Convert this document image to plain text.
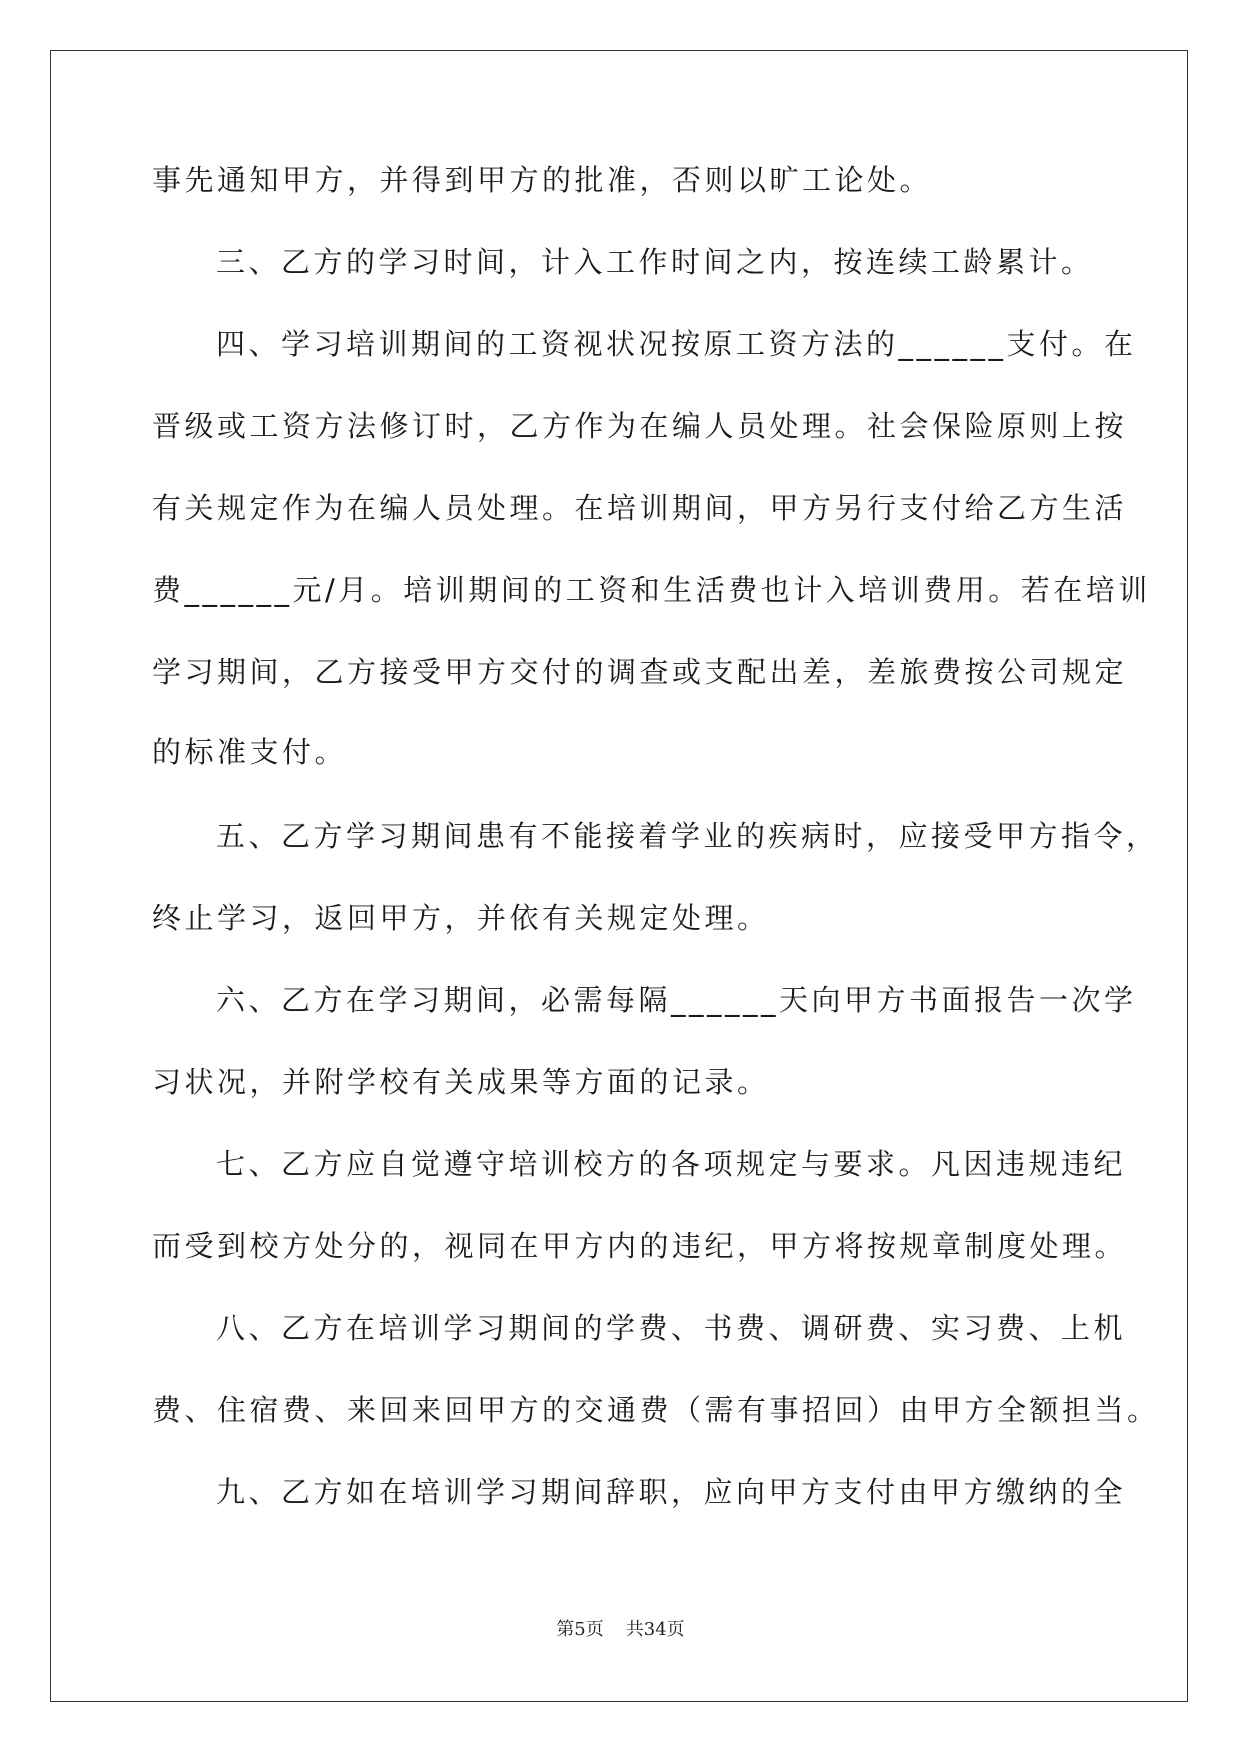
事先通知甲方，并得到甲方的批准，否则以旷工论处。
三、乙方的学习时间，计入工作时间之内，按连续工龄累计。
四、学习培训期间的工资视状况按原工资方法的______支付。在
晋级或工资方法修订时，乙方作为在编人员处理。社会保险原则上按
有关规定作为在编人员处理。在培训期间，甲方另行支付给乙方生活
费______元/月。培训期间的工资和生活费也计入培训费用。若在培训
学习期间，乙方接受甲方交付的调查或支配出差，差旅费按公司规定
的标准支付。
五、乙方学习期间患有不能接着学业的疾病时，应接受甲方指令，
终止学习，返回甲方，并依有关规定处理。
六、乙方在学习期间，必需每隔______天向甲方书面报告一次学
习状况，并附学校有关成果等方面的记录。
七、乙方应自觉遵守培训校方的各项规定与要求。凡因违规违纪
而受到校方处分的，视同在甲方内的违纪，甲方将按规章制度处理。
八、乙方在培训学习期间的学费、书费、调研费、实习费、上机
费、住宿费、来回来回甲方的交通费（需有事招回）由甲方全额担当。
九、乙方如在培训学习期间辞职，应向甲方支付由甲方缴纳的全
第5页 共34页
